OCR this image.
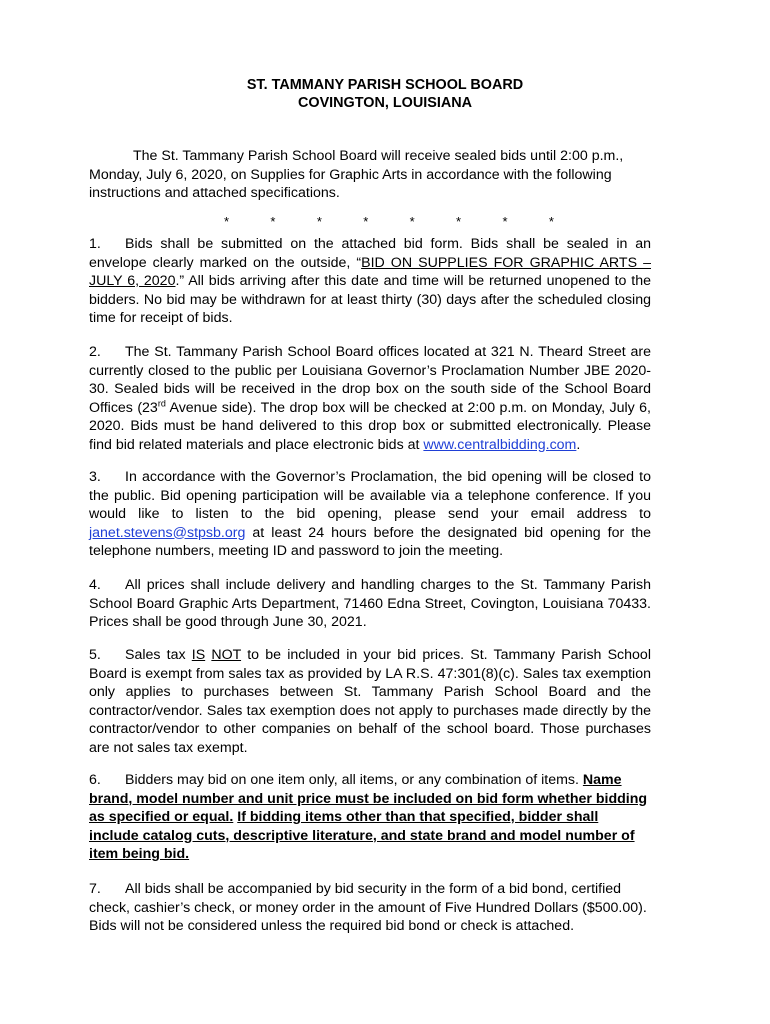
ST. TAMMANY PARISH SCHOOL BOARD
COVINGTON, LOUISIANA

The St. Tammany Parish School Board will receive sealed bids until 2:00 p.m., Monday, July 6, 2020, on Supplies for Graphic Arts in accordance with the following instructions and attached specifications.

*	*	*	*	*	*	*	*

1. Bids shall be submitted on the attached bid form. Bids shall be sealed in an envelope clearly marked on the outside, “BID ON SUPPLIES FOR GRAPHIC ARTS – JULY 6, 2020.” All bids arriving after this date and time will be returned unopened to the bidders. No bid may be withdrawn for at least thirty (30) days after the scheduled closing time for receipt of bids.

2. The St. Tammany Parish School Board offices located at 321 N. Theard Street are currently closed to the public per Louisiana Governor’s Proclamation Number JBE 2020-30. Sealed bids will be received in the drop box on the south side of the School Board Offices (23rd Avenue side). The drop box will be checked at 2:00 p.m. on Monday, July 6, 2020. Bids must be hand delivered to this drop box or submitted electronically. Please find bid related materials and place electronic bids at www.centralbidding.com.

3. In accordance with the Governor’s Proclamation, the bid opening will be closed to the public. Bid opening participation will be available via a telephone conference. If you would like to listen to the bid opening, please send your email address to janet.stevens@stpsb.org at least 24 hours before the designated bid opening for the telephone numbers, meeting ID and password to join the meeting.

4. All prices shall include delivery and handling charges to the St. Tammany Parish School Board Graphic Arts Department, 71460 Edna Street, Covington, Louisiana 70433. Prices shall be good through June 30, 2021.

5. Sales tax IS NOT to be included in your bid prices. St. Tammany Parish School Board is exempt from sales tax as provided by LA R.S. 47:301(8)(c). Sales tax exemption only applies to purchases between St. Tammany Parish School Board and the contractor/vendor. Sales tax exemption does not apply to purchases made directly by the contractor/vendor to other companies on behalf of the school board. Those purchases are not sales tax exempt.

6. Bidders may bid on one item only, all items, or any combination of items. Name brand, model number and unit price must be included on bid form whether bidding as specified or equal. If bidding items other than that specified, bidder shall include catalog cuts, descriptive literature, and state brand and model number of item being bid.

7. All bids shall be accompanied by bid security in the form of a bid bond, certified check, cashier’s check, or money order in the amount of Five Hundred Dollars ($500.00). Bids will not be considered unless the required bid bond or check is attached.
